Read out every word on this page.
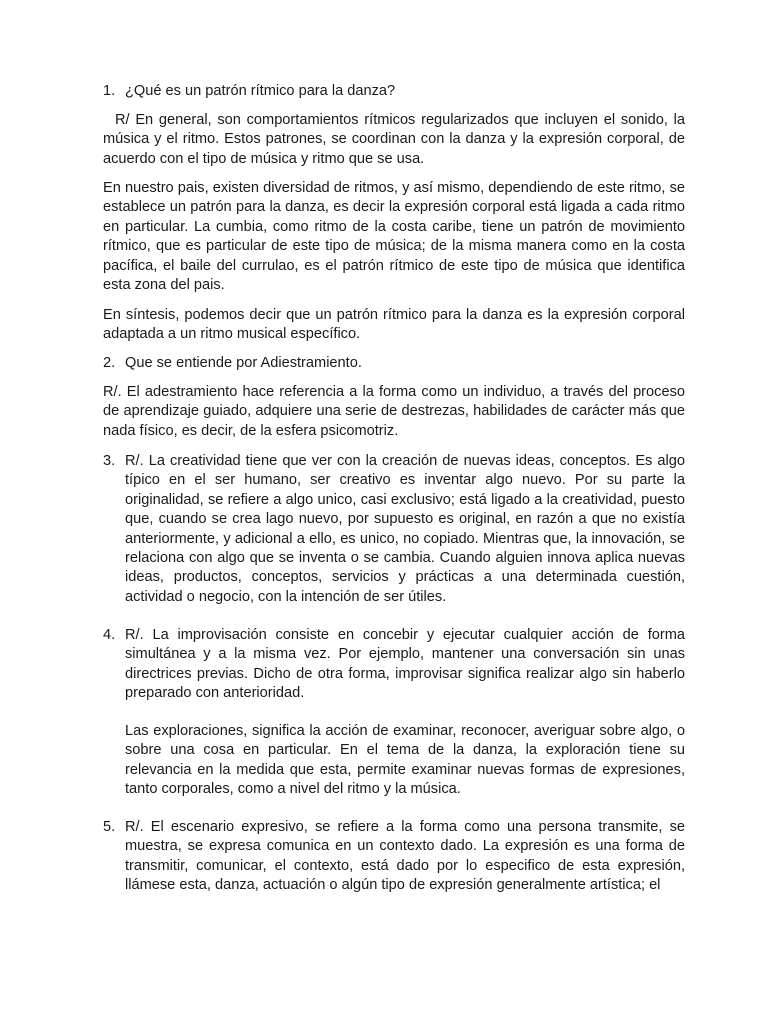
1. ¿Qué es un patrón rítmico para la danza?
R/ En general, son comportamientos rítmicos regularizados que incluyen el sonido, la música y el ritmo. Estos patrones, se coordinan con la danza y la expresión corporal, de acuerdo con el tipo de música y ritmo que se usa.
En nuestro pais, existen diversidad de ritmos, y así mismo, dependiendo de este ritmo, se establece un patrón para la danza, es decir la expresión corporal está ligada a cada ritmo en particular. La cumbia, como ritmo de la costa caribe, tiene un patrón de movimiento rítmico, que es particular de este tipo de música; de la misma manera como en la costa pacífica, el baile del currulao, es el patrón rítmico de este tipo de música que identifica esta zona del pais.
En síntesis, podemos decir que un patrón rítmico para la danza es la expresión corporal adaptada a un ritmo musical específico.
2. Que se entiende por Adiestramiento.
R/. El adestramiento hace referencia a la forma como un individuo, a través del proceso de aprendizaje guiado, adquiere una serie de destrezas, habilidades de carácter más que nada físico, es decir, de la esfera psicomotriz.
3. R/. La creatividad tiene que ver con la creación de nuevas ideas, conceptos. Es algo típico en el ser humano, ser creativo es inventar algo nuevo. Por su parte la originalidad, se refiere a algo unico, casi exclusivo; está ligado a la creatividad, puesto que, cuando se crea lago nuevo, por supuesto es original, en razón a que no existía anteriormente, y adicional a ello, es unico, no copiado. Mientras que, la innovación, se relaciona con algo que se inventa o se cambia. Cuando alguien innova aplica nuevas ideas, productos, conceptos, servicios y prácticas a una determinada cuestión, actividad o negocio, con la intención de ser útiles.
4. R/. La improvisación consiste en concebir y ejecutar cualquier acción de forma simultánea y a la misma vez. Por ejemplo, mantener una conversación sin unas directrices previas. Dicho de otra forma, improvisar significa realizar algo sin haberlo preparado con anterioridad.
Las exploraciones, significa la acción de examinar, reconocer, averiguar sobre algo, o sobre una cosa en particular. En el tema de la danza, la exploración tiene su relevancia en la medida que esta, permite examinar nuevas formas de expresiones, tanto corporales, como a nivel del ritmo y la música.
5. R/. El escenario expresivo, se refiere a la forma como una persona transmite, se muestra, se expresa comunica en un contexto dado. La expresión es una forma de transmitir, comunicar, el contexto, está dado por lo especifico de esta expresión, llámese esta, danza, actuación o algún tipo de expresión generalmente artística; el
